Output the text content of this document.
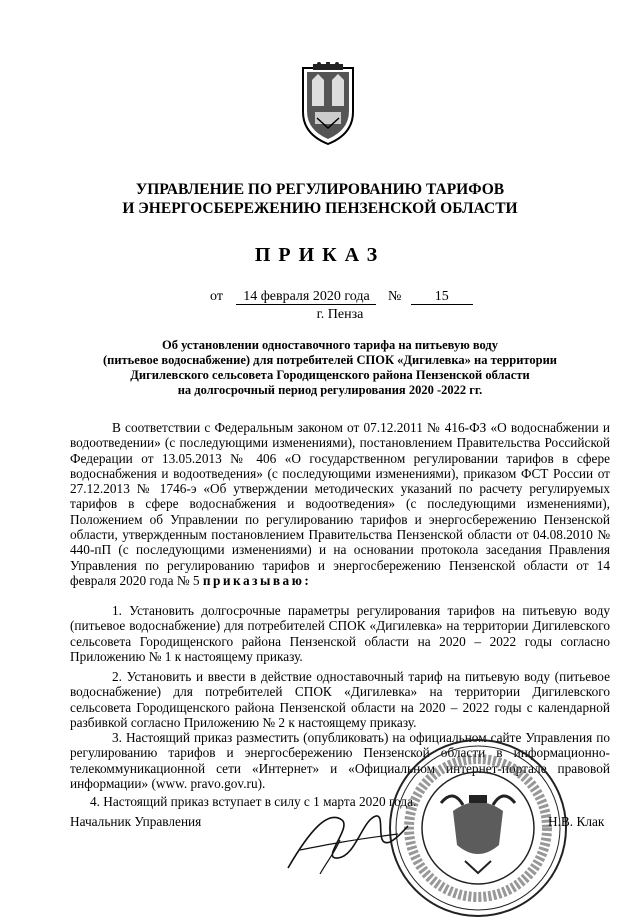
УПРАВЛЕНИЕ ПО РЕГУЛИРОВАНИЮ ТАРИФОВ
И ЭНЕРГОСБЕРЕЖЕНИЮ ПЕНЗЕНСКОЙ ОБЛАСТИ
ПРИКАЗ
от 14 февраля 2020 года № 15
г. Пенза
Об установлении одноставочного тарифа на питьевую воду
(питьевое водоснабжение) для потребителей СПОК «Дигилевка» на территории
Дигилевского сельсовета Городищенского района Пензенской области
на долгосрочный период регулирования 2020 -2022 гг.
В соответствии с Федеральным законом от 07.12.2011 № 416-ФЗ «О водоснабжении и водоотведении» (с последующими изменениями), постановлением Правительства Российской Федерации от 13.05.2013 № 406 «О государственном регулировании тарифов в сфере водоснабжения и водоотведения» (с последующими изменениями), приказом ФСТ России от 27.12.2013 № 1746-э «Об утверждении методических указаний по расчету регулируемых тарифов в сфере водоснабжения и водоотведения» (с последующими изменениями), Положением об Управлении по регулированию тарифов и энергосбережению Пензенской области, утвержденным постановлением Правительства Пензенской области от 04.08.2010 № 440-пП (с последующими изменениями) и на основании протокола заседания Правления Управления по регулированию тарифов и энергосбережению Пензенской области от 14 февраля 2020 года № 5 приказываю:
1. Установить долгосрочные параметры регулирования тарифов на питьевую воду (питьевое водоснабжение) для потребителей СПОК «Дигилевка» на территории Дигилевского сельсовета Городищенского района Пензенской области на 2020 – 2022 годы согласно Приложению № 1 к настоящему приказу.
2. Установить и ввести в действие одноставочный тариф на питьевую воду (питьевое водоснабжение) для потребителей СПОК «Дигилевка» на территории Дигилевского сельсовета Городищенского района Пензенской области на 2020 – 2022 годы с календарной разбивкой согласно Приложению № 2 к настоящему приказу.
3. Настоящий приказ разместить (опубликовать) на официальном сайте Управления по регулированию тарифов и энергосбережению Пензенской области в информационно-телекоммуникационной сети «Интернет» и «Официальном интернет-портале правовой информации» (www. pravo.gov.ru).
4. Настоящий приказ вступает в силу с 1 марта 2020 года.
Начальник Управления	Н.В. Клак
